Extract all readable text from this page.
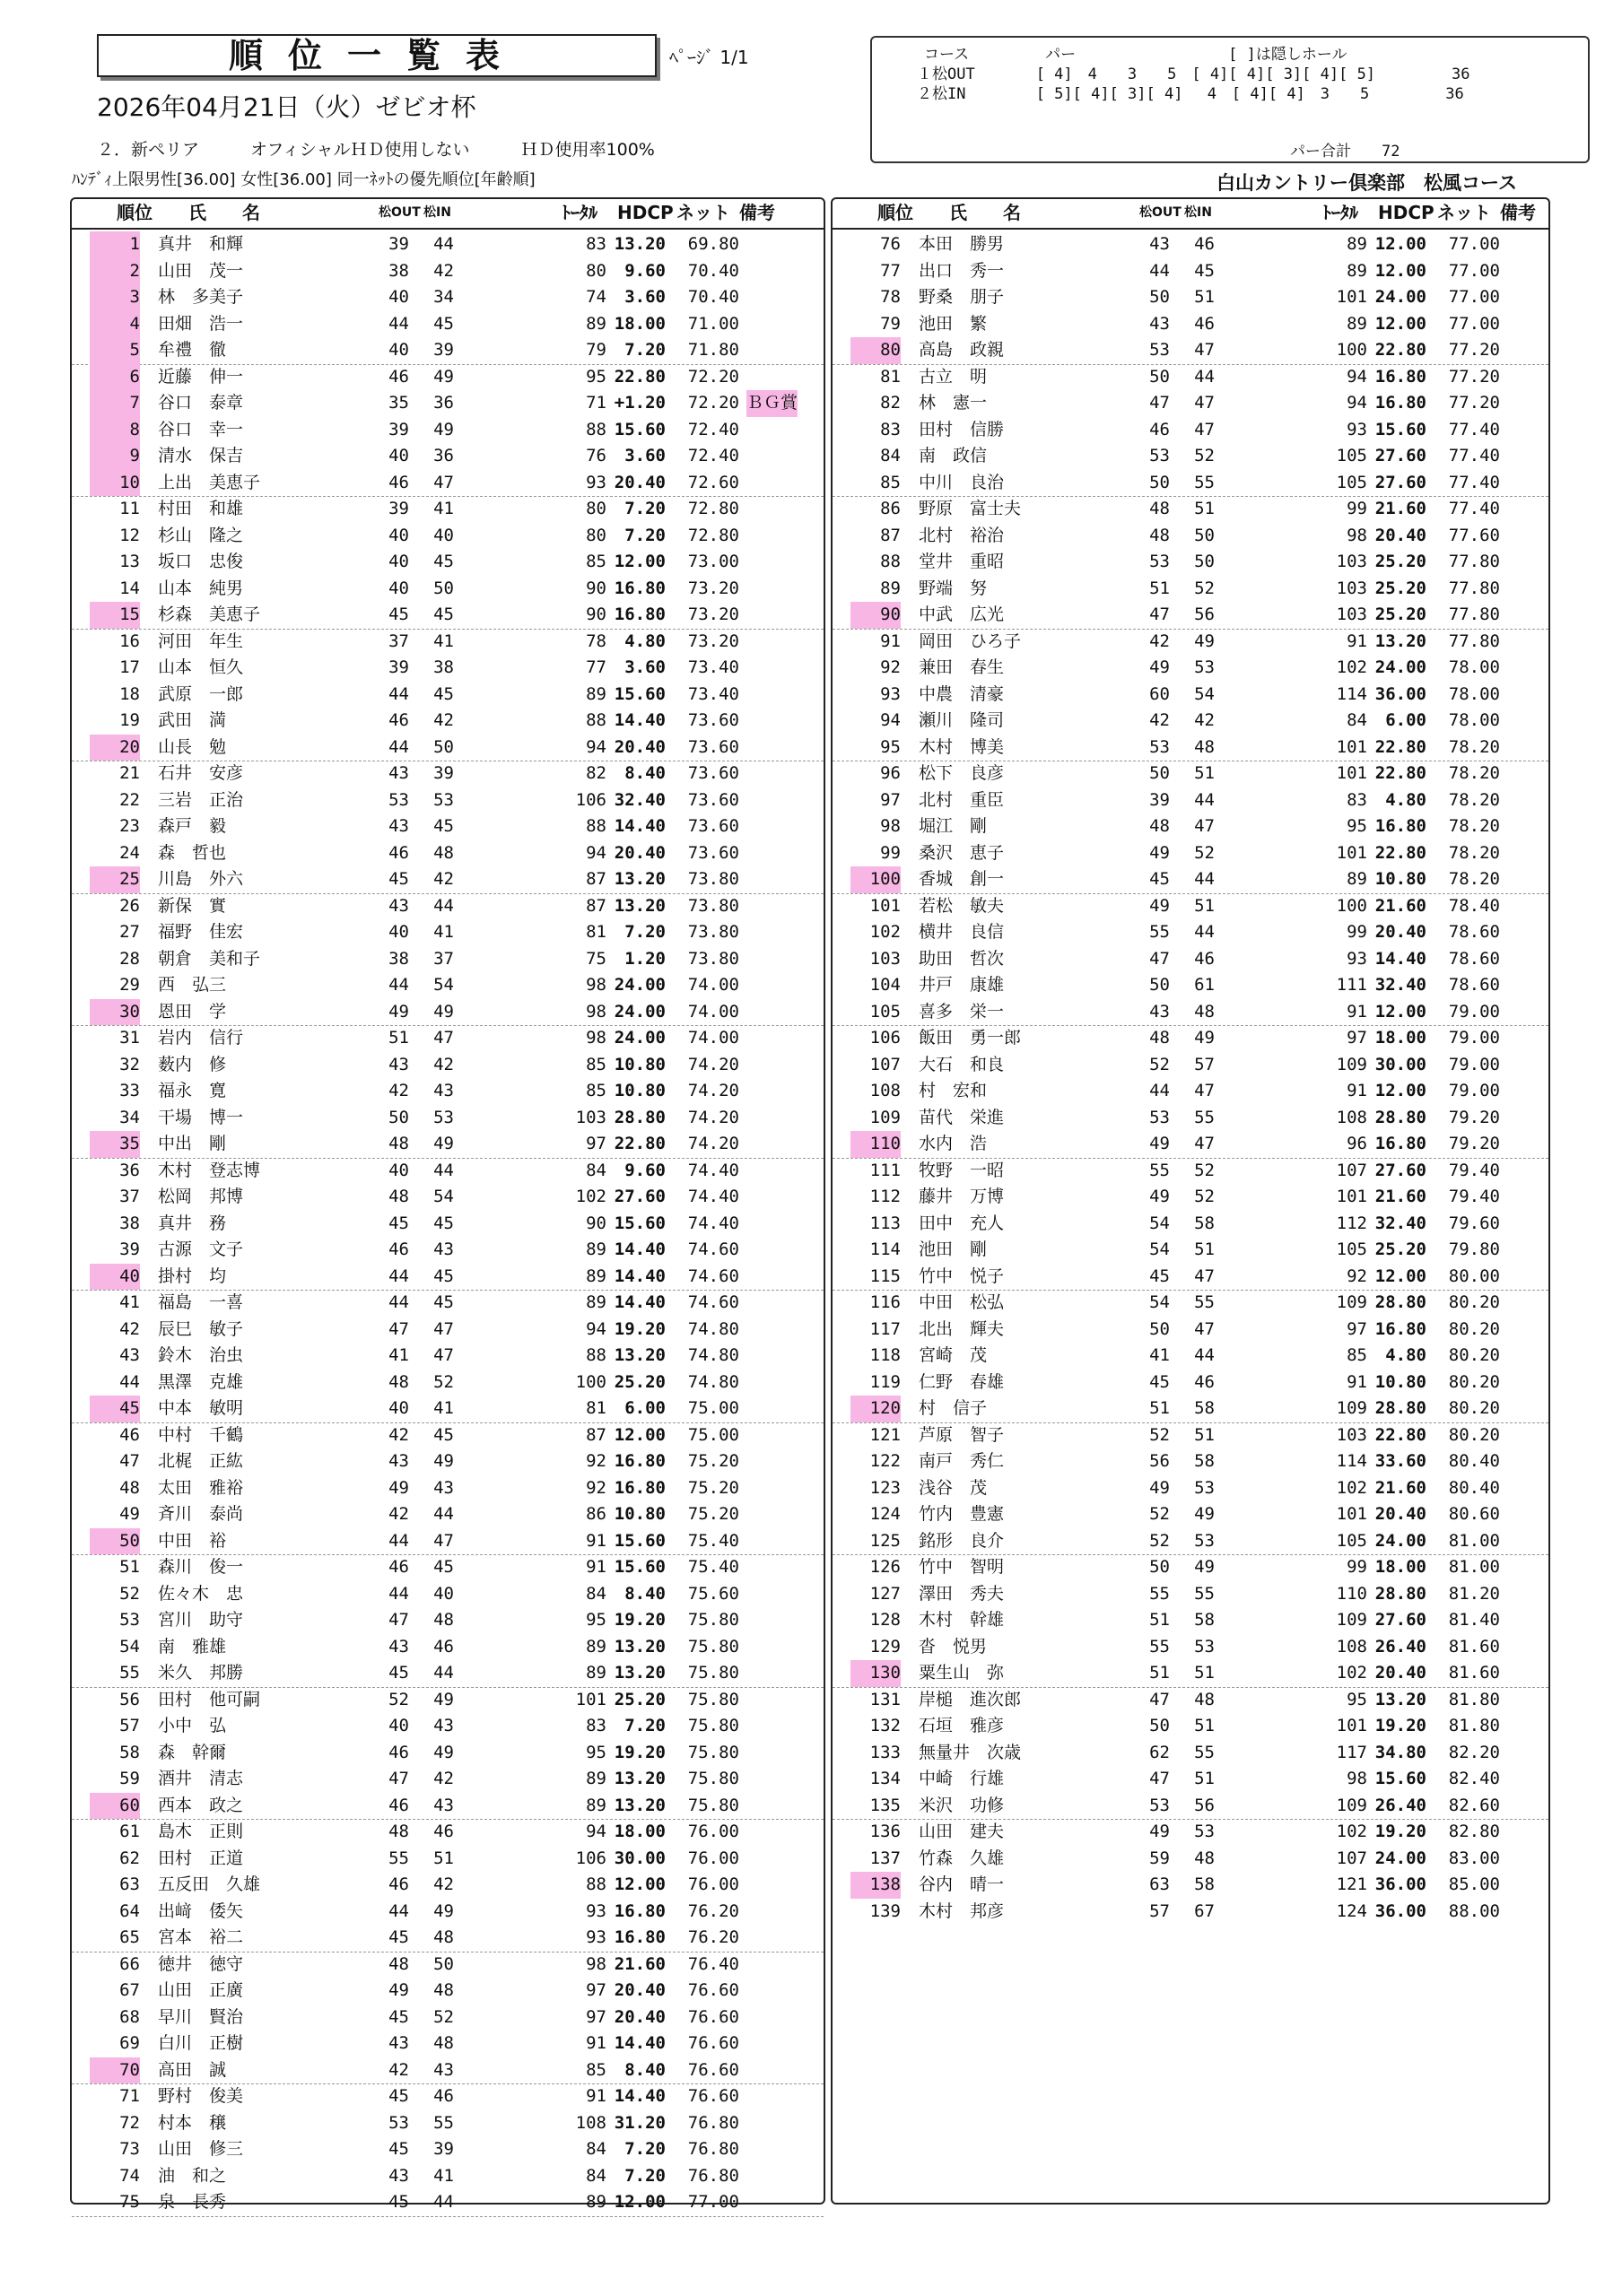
順位一覧表	ﾍﾟｰｼﾞ 1/1
2026年04月21日（火）ゼビオ杯
２．新ペリア　　　オフィシャルＨＤ使用しない　　　ＨＤ使用率100%
ﾊﾝﾃﾞｨ上限男性[36.00] 女性[36.00] 同一ﾈｯﾄの優先順位[年齢順]	白山カントリー倶楽部　松風コース
　　コース　　　　　パー　　　　　　　　　　[ ]は隠しホール
１松OUT　　　　[ 4]　4　　3　　5　[ 4][ 4][ 3][ 4][ 5]　　　　　36
２松IN　　　　 [ 5][ 4][ 3][ 4]　 4　[ 4][ 4]　3　　5　　　　　36
　　　　　　　　　　　　　　　　　　　　　　　　　　パー合計　　72
順位 氏　　名	松OUT 松IN	ﾄｰﾀﾙ HDCP ネット 備考
1 真井　和輝	39	44	83 13.20	69.80
2 山田　茂一	38	42	80	9.60	70.40
3 林　多美子	40	34	74	3.60	70.40
4 田畑　浩一	44	45	89 18.00	71.00
5 牟禮　徹	40	39	79	7.20	71.80
6 近藤　伸一	46	49	95 22.80	72.20
7 谷口　泰章	35	36	71 +1.20	72.20 ＢＧ賞
8 谷口　幸一	39	49	88 15.60	72.40
9 清水　保吉	40	36	76	3.60	72.40
10 上出　美恵子	46	47	93 20.40	72.60
11 村田　和雄	39	41	80	7.20	72.80
12 杉山　隆之	40	40	80	7.20	72.80
13 坂口　忠俊	40	45	85 12.00	73.00
14 山本　純男	40	50	90 16.80	73.20
15 杉森　美恵子	45	45	90 16.80	73.20
16 河田　年生	37	41	78	4.80	73.20
17 山本　恒久	39	38	77	3.60	73.40
18 武原　一郎	44	45	89 15.60	73.40
19 武田　満	46	42	88 14.40	73.60
20 山長　勉	44	50	94 20.40	73.60
21 石井　安彦	43	39	82	8.40	73.60
22 三岩　正治	53	53	106 32.40	73.60
23 森戸　毅	43	45	88 14.40	73.60
24 森　哲也	46	48	94 20.40	73.60
25 川島　外六	45	42	87 13.20	73.80
26 新保　實	43	44	87 13.20	73.80
27 福野　佳宏	40	41	81	7.20	73.80
28 朝倉　美和子	38	37	75	1.20	73.80
29 西　弘三	44	54	98 24.00	74.00
30 恩田　学	49	49	98 24.00	74.00
31 岩内　信行	51	47	98 24.00	74.00
32 薮内　修	43	42	85 10.80	74.20
33 福永　寛	42	43	85 10.80	74.20
34 干場　博一	50	53	103 28.80	74.20
35 中出　剛	48	49	97 22.80	74.20
36 木村　登志博	40	44	84	9.60	74.40
37 松岡　邦博	48	54	102 27.60	74.40
38 真井　務	45	45	90 15.60	74.40
39 古源　文子	46	43	89 14.40	74.60
40 掛村　均	44	45	89 14.40	74.60
41 福島　一喜	44	45	89 14.40	74.60
42 辰巳　敏子	47	47	94 19.20	74.80
43 鈴木　治虫	41	47	88 13.20	74.80
44 黒澤　克雄	48	52	100 25.20	74.80
45 中本　敏明	40	41	81	6.00	75.00
46 中村　千鶴	42	45	87 12.00	75.00
47 北梶　正紘	43	49	92 16.80	75.20
48 太田　雅裕	49	43	92 16.80	75.20
49 斉川　泰尚	42	44	86 10.80	75.20
50 中田　裕	44	47	91 15.60	75.40
51 森川　俊一	46	45	91 15.60	75.40
52 佐々木　忠	44	40	84	8.40	75.60
53 宮川　助守	47	48	95 19.20	75.80
54 南　雅雄	43	46	89 13.20	75.80
55 米久　邦勝	45	44	89 13.20	75.80
56 田村　他可嗣	52	49	101 25.20	75.80
57 小中　弘	40	43	83	7.20	75.80
58 森　幹爾	46	49	95 19.20	75.80
59 酒井　清志	47	42	89 13.20	75.80
60 西本　政之	46	43	89 13.20	75.80
61 島木　正則	48	46	94 18.00	76.00
62 田村　正道	55	51	106 30.00	76.00
63 五反田　久雄	46	42	88 12.00	76.00
64 出﨑　倭矢	44	49	93 16.80	76.20
65 宮本　裕二	45	48	93 16.80	76.20
66 徳井　徳守	48	50	98 21.60	76.40
67 山田　正廣	49	48	97 20.40	76.60
68 早川　賢治	45	52	97 20.40	76.60
69 白川　正樹	43	48	91 14.40	76.60
70 高田　誠	42	43	85	8.40	76.60
71 野村　俊美	45	46	91 14.40	76.60
72 村本　穣	53	55	108 31.20	76.80
73 山田　修三	45	39	84	7.20	76.80
74 油　和之	43	41	84	7.20	76.80
75 泉　長秀	45	44	89 12.00	77.00
順位 氏　　名	松OUT 松IN	ﾄｰﾀﾙ HDCP ネット 備考
76 本田　勝男	43	46	89 12.00	77.00
77 出口　秀一	44	45	89 12.00	77.00
78 野桑　朋子	50	51	101 24.00	77.00
79 池田　繁	43	46	89 12.00	77.00
80 高島　政親	53	47	100 22.80	77.20
81 古立　明	50	44	94 16.80	77.20
82 林　憲一	47	47	94 16.80	77.20
83 田村　信勝	46	47	93 15.60	77.40
84 南　政信	53	52	105 27.60	77.40
85 中川　良治	50	55	105 27.60	77.40
86 野原　富士夫	48	51	99 21.60	77.40
87 北村　裕治	48	50	98 20.40	77.60
88 堂井　重昭	53	50	103 25.20	77.80
89 野端　努	51	52	103 25.20	77.80
90 中武　広光	47	56	103 25.20	77.80
91 岡田　ひろ子	42	49	91 13.20	77.80
92 兼田　春生	49	53	102 24.00	78.00
93 中農　清豪	60	54	114 36.00	78.00
94 瀬川　隆司	42	42	84	6.00	78.00
95 木村　博美	53	48	101 22.80	78.20
96 松下　良彦	50	51	101 22.80	78.20
97 北村　重臣	39	44	83	4.80	78.20
98 堀江　剛	48	47	95 16.80	78.20
99 桑沢　恵子	49	52	101 22.80	78.20
100 香城　創一	45	44	89 10.80	78.20
101 若松　敏夫	49	51	100 21.60	78.40
102 横井　良信	55	44	99 20.40	78.60
103 助田　哲次	47	46	93 14.40	78.60
104 井戸　康雄	50	61	111 32.40	78.60
105 喜多　栄一	43	48	91 12.00	79.00
106 飯田　勇一郎	48	49	97 18.00	79.00
107 大石　和良	52	57	109 30.00	79.00
108 村　宏和	44	47	91 12.00	79.00
109 苗代　栄進	53	55	108 28.80	79.20
110 水内　浩	49	47	96 16.80	79.20
111 牧野　一昭	55	52	107 27.60	79.40
112 藤井　万博	49	52	101 21.60	79.40
113 田中　充人	54	58	112 32.40	79.60
114 池田　剛	54	51	105 25.20	79.80
115 竹中　悦子	45	47	92 12.00	80.00
116 中田　松弘	54	55	109 28.80	80.20
117 北出　輝夫	50	47	97 16.80	80.20
118 宮崎　茂	41	44	85	4.80	80.20
119 仁野　春雄	45	46	91 10.80	80.20
120 村　信子	51	58	109 28.80	80.20
121 芦原　智子	52	51	103 22.80	80.20
122 南戸　秀仁	56	58	114 33.60	80.40
123 浅谷　茂	49	53	102 21.60	80.40
124 竹内　豊憲	52	49	101 20.40	80.60
125 銘形　良介	52	53	105 24.00	81.00
126 竹中　智明	50	49	99 18.00	81.00
127 澤田　秀夫	55	55	110 28.80	81.20
128 木村　幹雄	51	58	109 27.60	81.40
129 沓　悦男	55	53	108 26.40	81.60
130 粟生山　弥	51	51	102 20.40	81.60
131 岸槌　進次郎	47	48	95 13.20	81.80
132 石垣　雅彦	50	51	101 19.20	81.80
133 無量井　次歳	62	55	117 34.80	82.20
134 中崎　行雄	47	51	98 15.60	82.40
135 米沢　功修	53	56	109 26.40	82.60
136 山田　建夫	49	53	102 19.20	82.80
137 竹森　久雄	59	48	107 24.00	83.00
138 谷内　晴一	63	58	121 36.00	85.00
139 木村　邦彦	57	67	124 36.00	88.00
